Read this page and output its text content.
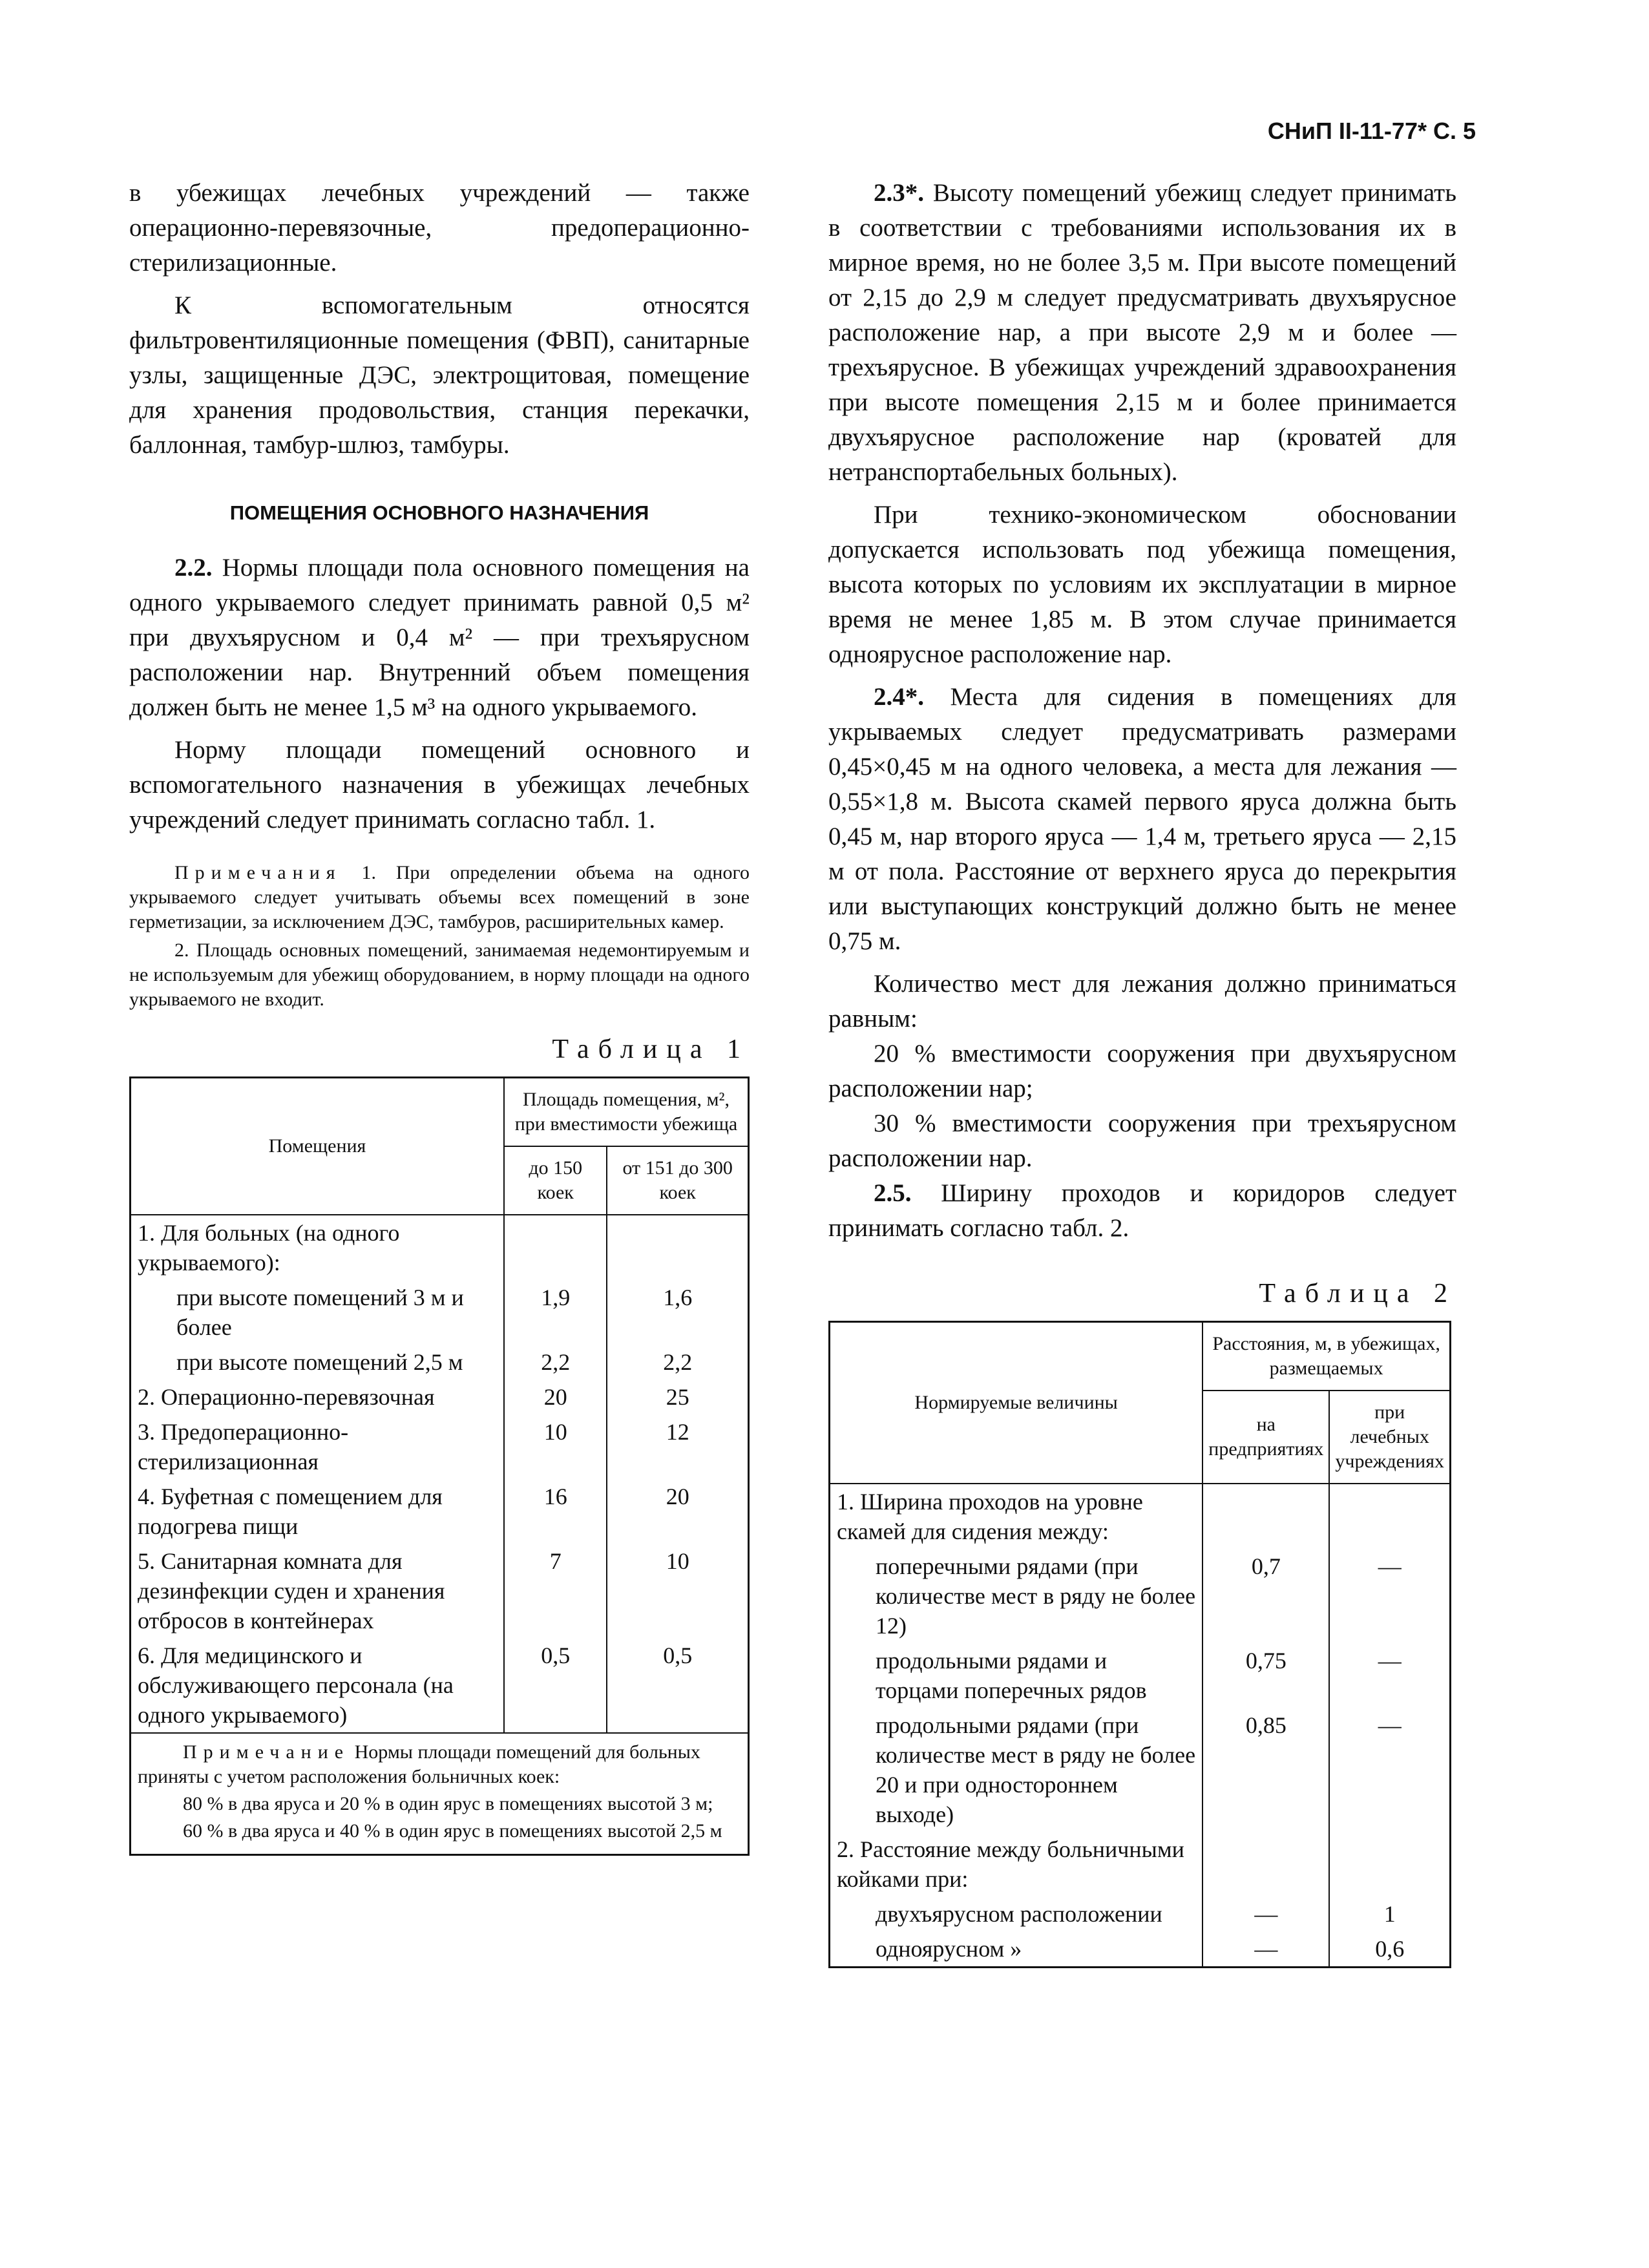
СНиП II-11-77* С. 5

в убежищах лечебных учреждений — также операционно-перевязочные, предоперационно-стерилизационные.

К вспомогательным относятся фильтровентиляционные помещения (ФВП), санитарные узлы, защищенные ДЭС, электрощитовая, помещение для хранения продовольствия, станция перекачки, баллонная, тамбур-шлюз, тамбуры.

ПОМЕЩЕНИЯ ОСНОВНОГО НАЗНАЧЕНИЯ

2.2. Нормы площади пола основного помещения на одного укрываемого следует принимать равной 0,5 м² при двухъярусном и 0,4 м² — при трехъярусном расположении нар. Внутренний объем помещения должен быть не менее 1,5 м³ на одного укрываемого.

Норму площади помещений основного и вспомогательного назначения в убежищах лечебных учреждений следует принимать согласно табл. 1.

Примечания 1. При определении объема на одного укрываемого следует учитывать объемы всех помещений в зоне герметизации, за исключением ДЭС, тамбуров, расширительных камер.

2. Площадь основных помещений, занимаемая недемонтируемым и не используемым для убежищ оборудованием, в норму площади на одного укрываемого не входит.

Таблица 1
Помещения	Площадь помещения, м², при вместимости убежища	
	до 150 коек	от 151 до 300 коек
1. Для больных (на одного укрываемого):		
при высоте помещений 3 м и более	1,9	1,6
при высоте помещений 2,5 м	2,2	2,2
2. Операционно-перевязочная	20	25
3. Предоперационно-стерилизационная	10	12
4. Буфетная с помещением для подогрева пищи	16	20
5. Санитарная комната для дезинфекции суден и хранения отбросов в контейнерах	7	10
6. Для медицинского и обслуживающего персонала (на одного укрываемого)	0,5	0,5

Примечание Нормы площади помещений для больных приняты с учетом расположения больничных коек:

80 % в два яруса и 20 % в один ярус в помещениях высотой 3 м;

60 % в два яруса и 40 % в один ярус в помещениях высотой 2,5 м		

2.3*. Высоту помещений убежищ следует принимать в соответствии с требованиями использования их в мирное время, но не более 3,5 м. При высоте помещений от 2,15 до 2,9 м следует предусматривать двухъярусное расположение нар, а при высоте 2,9 м и более — трехъярусное. В убежищах учреждений здравоохранения при высоте помещения 2,15 м и более принимается двухъярусное расположение нар (кроватей для нетранспортабельных больных).

При технико-экономическом обосновании допускается использовать под убежища помещения, высота которых по условиям их эксплуатации в мирное время не менее 1,85 м. В этом случае принимается одноярусное расположение нар.

2.4*. Места для сидения в помещениях для укрываемых следует предусматривать размерами 0,45×0,45 м на одного человека, а места для лежания — 0,55×1,8 м. Высота скамей первого яруса должна быть 0,45 м, нар второго яруса — 1,4 м, третьего яруса — 2,15 м от пола. Расстояние от верхнего яруса до перекрытия или выступающих конструкций должно быть не менее 0,75 м.

Количество мест для лежания должно приниматься равным:

20 % вместимости сооружения при двухъярусном расположении нар;

30 % вместимости сооружения при трехъярусном расположении нар.

2.5. Ширину проходов и коридоров следует принимать согласно табл. 2.

Таблица 2
Нормируемые величины	Расстояния, м, в убежищах, размещаемых	
	на предприятиях	при лечебных учреждениях
1. Ширина проходов на уровне скамей для сидения между:		
поперечными рядами (при количестве мест в ряду не более 12)	0,7	—
продольными рядами и торцами поперечных рядов	0,75	—
продольными рядами (при количестве мест в ряду не более 20 и при одностороннем выходе)	0,85	—
2. Расстояние между больничными койками при:		
двухъярусном расположении	—	1
одноярусном »	—	0,6
